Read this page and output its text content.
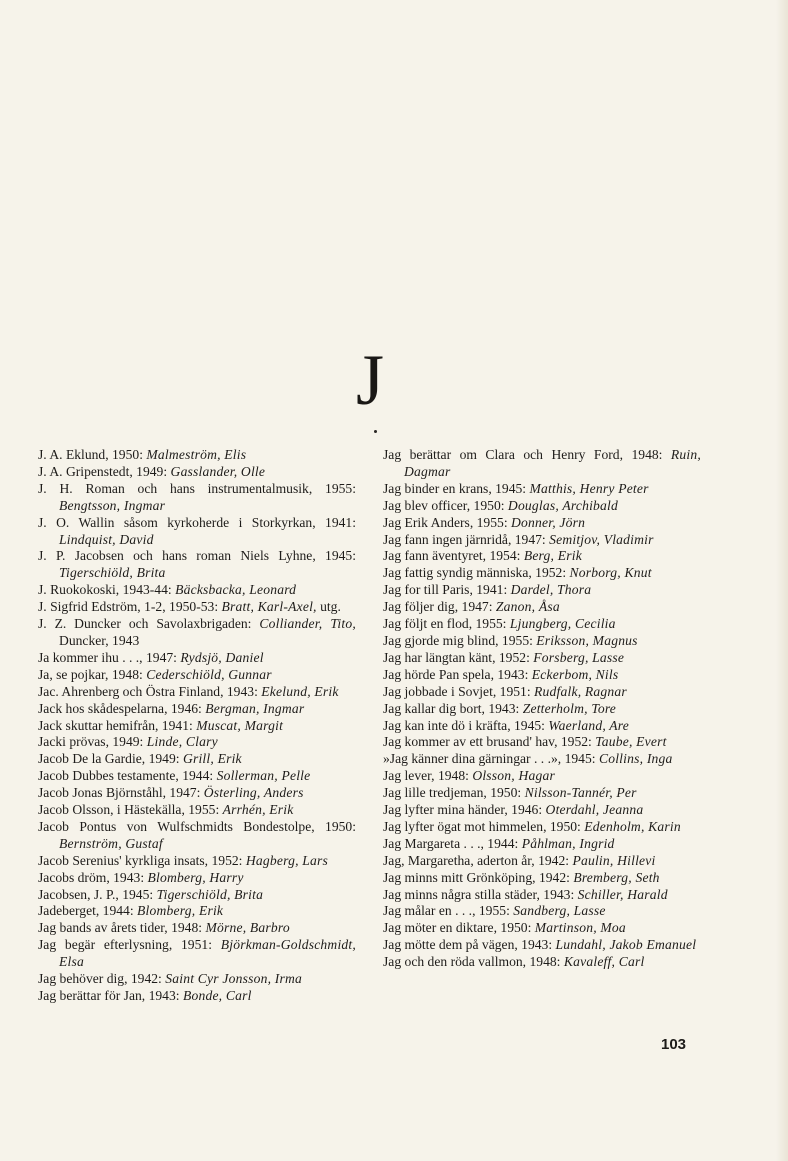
J
J. A. Eklund, 1950: Malmeström, Elis
J. A. Gripenstedt, 1949: Gasslander, Olle
J. H. Roman och hans instrumentalmusik, 1955: Bengtsson, Ingmar
J. O. Wallin såsom kyrkoherde i Storkyrkan, 1941: Lindquist, David
J. P. Jacobsen och hans roman Niels Lyhne, 1945: Tigerschiöld, Brita
J. Ruokokoski, 1943-44: Bäcksbacka, Leonard
J. Sigfrid Edström, 1-2, 1950-53: Bratt, Karl-Axel, utg.
J. Z. Duncker och Savolaxbrigaden: Colliander, Tito, Duncker, 1943
Ja kommer ihu . . ., 1947: Rydsjö, Daniel
Ja, se pojkar, 1948: Cederschiöld, Gunnar
Jac. Ahrenberg och Östra Finland, 1943: Ekelund, Erik
Jack hos skådespelarna, 1946: Bergman, Ingmar
Jack skuttar hemifrån, 1941: Muscat, Margit
Jacki prövas, 1949: Linde, Clary
Jacob De la Gardie, 1949: Grill, Erik
Jacob Dubbes testamente, 1944: Sollerman, Pelle
Jacob Jonas Björnståhl, 1947: Österling, Anders
Jacob Olsson, i Hästekälla, 1955: Arrhén, Erik
Jacob Pontus von Wulfschmidts Bondestolpe, 1950: Bernström, Gustaf
Jacob Serenius' kyrkliga insats, 1952: Hagberg, Lars
Jacobs dröm, 1943: Blomberg, Harry
Jacobsen, J. P., 1945: Tigerschiöld, Brita
Jadeberget, 1944: Blomberg, Erik
Jag bands av årets tider, 1948: Mörne, Barbro
Jag begär efterlysning, 1951: Björkman-Goldschmidt, Elsa
Jag behöver dig, 1942: Saint Cyr Jonsson, Irma
Jag berättar för Jan, 1943: Bonde, Carl
Jag berättar om Clara och Henry Ford, 1948: Ruin, Dagmar
Jag binder en krans, 1945: Matthis, Henry Peter
Jag blev officer, 1950: Douglas, Archibald
Jag Erik Anders, 1955: Donner, Jörn
Jag fann ingen järnridå, 1947: Semitjov, Vladimir
Jag fann äventyret, 1954: Berg, Erik
Jag fattig syndig människa, 1952: Norborg, Knut
Jag for till Paris, 1941: Dardel, Thora
Jag följer dig, 1947: Zanon, Åsa
Jag följt en flod, 1955: Ljungberg, Cecilia
Jag gjorde mig blind, 1955: Eriksson, Magnus
Jag har längtan känt, 1952: Forsberg, Lasse
Jag hörde Pan spela, 1943: Eckerbom, Nils
Jag jobbade i Sovjet, 1951: Rudfalk, Ragnar
Jag kallar dig bort, 1943: Zetterholm, Tore
Jag kan inte dö i kräfta, 1945: Waerland, Are
Jag kommer av ett brusand' hav, 1952: Taube, Evert
»Jag känner dina gärningar . . .», 1945: Collins, Inga
Jag lever, 1948: Olsson, Hagar
Jag lille tredjeman, 1950: Nilsson-Tannér, Per
Jag lyfter mina händer, 1946: Oterdahl, Jeanna
Jag lyfter ögat mot himmelen, 1950: Edenholm, Karin
Jag Margareta . . ., 1944: Påhlman, Ingrid
Jag, Margaretha, aderton år, 1942: Paulin, Hillevi
Jag minns mitt Grönköping, 1942: Bremberg, Seth
Jag minns några stilla städer, 1943: Schiller, Harald
Jag målar en . . ., 1955: Sandberg, Lasse
Jag möter en diktare, 1950: Martinson, Moa
Jag mötte dem på vägen, 1943: Lundahl, Jakob Emanuel
Jag och den röda vallmon, 1948: Kavaleff, Carl
103
